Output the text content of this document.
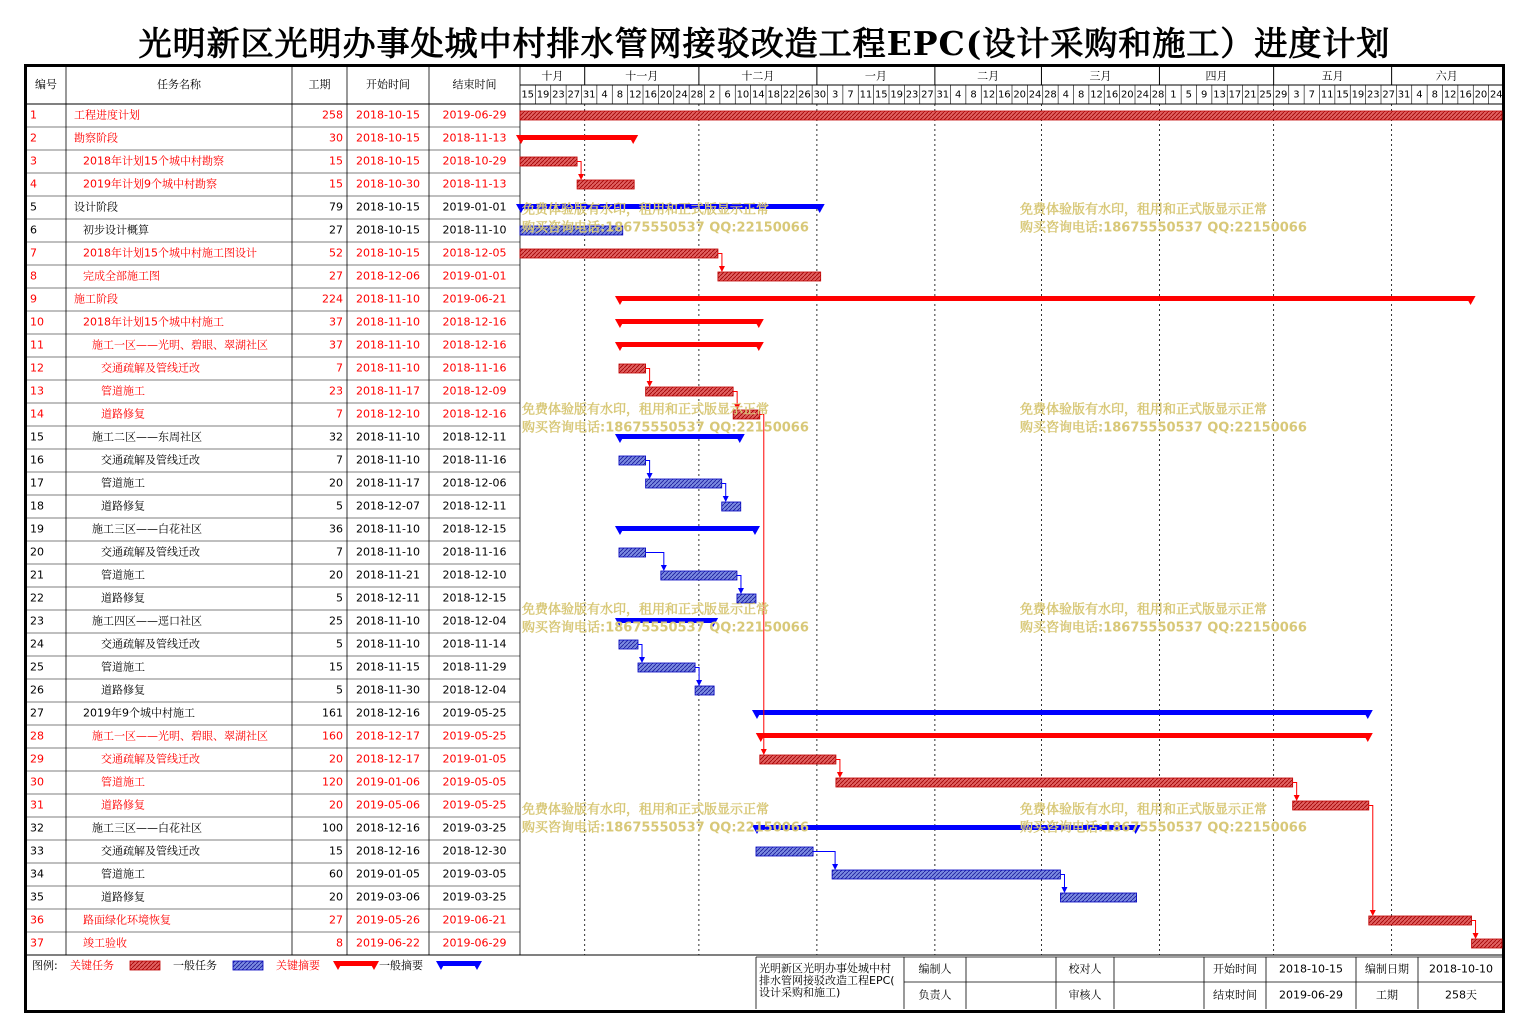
光明新区光明办事处城中村排水管网接驳改造工程EPC(设计采购和施工）进度计划
编号	任务名称	工期	开始时间	结束时间
十月	十一月	十二月	一月	二月	三月	四月	五月	六月
15 19 23 27 31 4 8 12 16 20 24 28 2 6 10 14 18 22 26 30 3 7 11 15 19 23 27 31 4 8 12 16 20 24 28 4 8 12 16 20 24 28 1 5 9 13 17 21 25 29 3 7 11 15 19 23 27 31 4 8 12 16 20 24
1	工程进度计划	258 2018-10-15 2019-06-29
2	勘察阶段	30 2018-10-15 2018-11-13
3	2018年计划15个城中村勘察	15 2018-10-15 2018-10-29
4	2019年计划9个城中村勘察	15 2018-10-30 2018-11-13
5	设计阶段	79 2018-10-15 2019-01-01
6	初步设计概算	27 2018-10-15 2018-11-10
7	2018年计划15个城中村施工图设计	52 2018-10-15 2018-12-05
8	完成全部施工图	27 2018-12-06 2019-01-01
9	施工阶段	224 2018-11-10 2019-06-21
10	2018年计划15个城中村施工	37 2018-11-10 2018-12-16
11	施工一区——光明、碧眼、翠湖社区	37 2018-11-10 2018-12-16
12	交通疏解及管线迁改	7 2018-11-10 2018-11-16
13	管道施工	23 2018-11-17 2018-12-09
14	道路修复	7 2018-12-10 2018-12-16
15	施工二区——东周社区	32 2018-11-10 2018-12-11
16	交通疏解及管线迁改	7 2018-11-10 2018-11-16
17	管道施工	20 2018-11-17 2018-12-06
18	道路修复	5 2018-12-07 2018-12-11
19	施工三区——白花社区	36 2018-11-10 2018-12-15
20	交通疏解及管线迁改	7 2018-11-10 2018-11-16
21	管道施工	20 2018-11-21 2018-12-10
22	道路修复	5 2018-12-11 2018-12-15
23	施工四区——逕口社区	25 2018-11-10 2018-12-04
24	交通疏解及管线迁改	5 2018-11-10 2018-11-14
25	管道施工	15 2018-11-15 2018-11-29
26	道路修复	5 2018-11-30 2018-12-04
27	2019年9个城中村施工	161 2018-12-16 2019-05-25
28	施工一区——光明、碧眼、翠湖社区	160 2018-12-17 2019-05-25
29	交通疏解及管线迁改	20 2018-12-17 2019-01-05
30	管道施工	120 2019-01-06 2019-05-05
31	道路修复	20 2019-05-06 2019-05-25
32	施工三区——白花社区	100 2018-12-16 2019-03-25
33	交通疏解及管线迁改	15 2018-12-16 2018-12-30
34	管道施工	60 2019-01-05 2019-03-05
35	道路修复	20 2019-03-06 2019-03-25
36	路面绿化环境恢复	27 2019-05-26 2019-06-21
37	竣工验收	8 2019-06-22 2019-06-29
免费体验版有水印，租用和正式版显示正常
购买咨询电话:18675550537 QQ:22150066
免费体验版有水印，租用和正式版显示正常
购买咨询电话:18675550537 QQ:22150066
免费体验版有水印，租用和正式版显示正常
购买咨询电话:18675550537 QQ:22150066
免费体验版有水印，租用和正式版显示正常
购买咨询电话:18675550537 QQ:22150066
免费体验版有水印，租用和正式版显示正常
购买咨询电话:18675550537 QQ:22150066
免费体验版有水印，租用和正式版显示正常
购买咨询电话:18675550537 QQ:22150066
免费体验版有水印，租用和正式版显示正常
购买咨询电话:18675550537 QQ:22150066
免费体验版有水印，租用和正式版显示正常
购买咨询电话:18675550537 QQ:22150066
图例: 关键任务	一般任务	关键摘要	一般摘要	光明新区光明办事处城中村
排水管网接驳改造工程EPC(
设计采购和施工)
编制人	校对人	开始时间 2018-10-15 编制日期 2018-10-10
负责人	审核人	结束时间 2019-06-29	工期	258天
